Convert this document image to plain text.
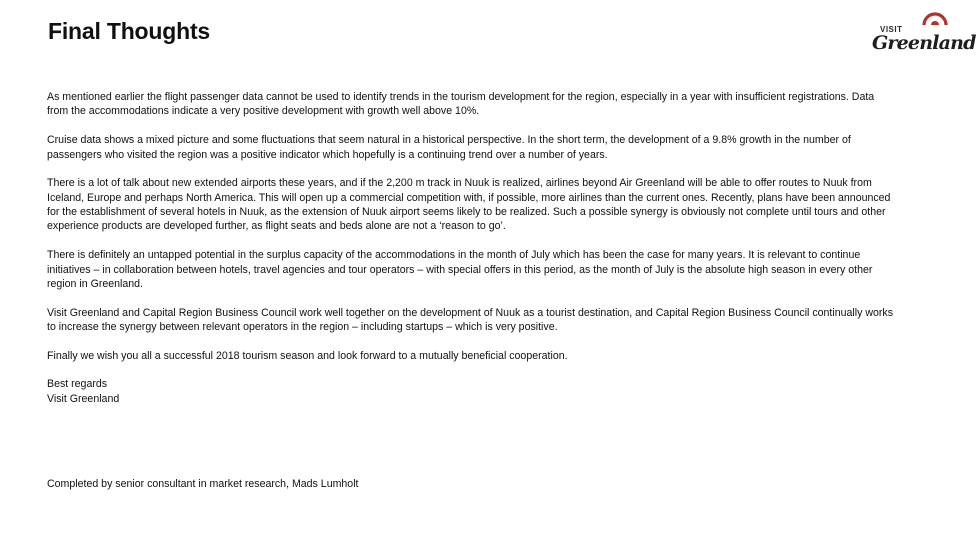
Final Thoughts	VISIT
Greenland

As mentioned earlier the flight passenger data cannot be used to identify trends in the tourism development for the region, especially in a year with insufficient registrations. Data from the accommodations indicate a very positive development with growth well above 10%.

Cruise data shows a mixed picture and some fluctuations that seem natural in a historical perspective. In the short term, the development of a 9.8% growth in the number of passengers who visited the region was a positive indicator which hopefully is a continuing trend over a number of years.

There is a lot of talk about new extended airports these years, and if the 2,200 m track in Nuuk is realized, airlines beyond Air Greenland will be able to offer routes to Nuuk from Iceland, Europe and perhaps North America. This will open up a commercial competition with, if possible, more airlines than the current ones. Recently, plans have been announced for the establishment of several hotels in Nuuk, as the extension of Nuuk airport seems likely to be realized. Such a possible synergy is obviously not complete until tours and other experience products are developed further, as flight seats and beds alone are not a ‘reason to go’.

There is definitely an untapped potential in the surplus capacity of the accommodations in the month of July which has been the case for many years. It is relevant to continue initiatives – in collaboration between hotels, travel agencies and tour operators – with special offers in this period, as the month of July is the absolute high season in every other region in Greenland.

Visit Greenland and Capital Region Business Council work well together on the development of Nuuk as a tourist destination, and Capital Region Business Council continually works to increase the synergy between relevant operators in the region – including startups – which is very positive.

Finally we wish you all a successful 2018 tourism season and look forward to a mutually beneficial cooperation.

Best regards
Visit Greenland
Completed by senior consultant in market research, Mads Lumholt
